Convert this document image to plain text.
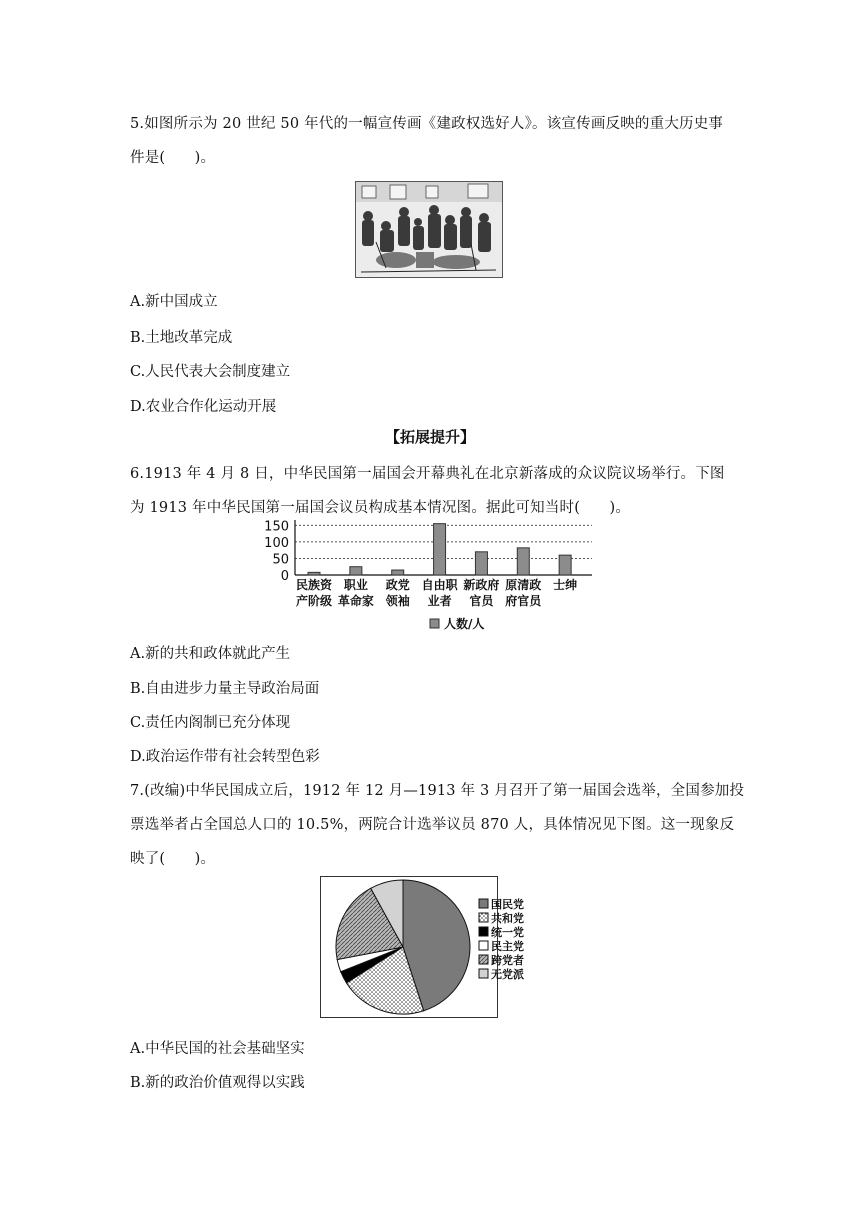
5.如图所示为 20 世纪 50 年代的一幅宣传画《建政权选好人》。该宣传画反映的重大历史事
件是(　　)。
A.新中国成立
B.土地改革完成
C.人民代表大会制度建立
D.农业合作化运动开展
【拓展提升】
6.1913 年 4 月 8 日，中华民国第一届国会开幕典礼在北京新落成的众议院议场举行。下图
为 1913 年中华民国第一届国会议员构成基本情况图。据此可知当时(　　)。
0
50
100
150
民族资
产阶级
职业
革命家
政党
领袖
自由职
业者
新政府
官员
原清政
府官员
士绅
人数/人
A.新的共和政体就此产生
B.自由进步力量主导政治局面
C.责任内阁制已充分体现
D.政治运作带有社会转型色彩
7.(改编)中华民国成立后，1912 年 12 月—1913 年 3 月召开了第一届国会选举，全国参加投
票选举者占全国总人口的 10.5%，两院合计选举议员 870 人，具体情况见下图。这一现象反
映了(　　)。
国民党
共和党
统一党
民主党
跨党者
无党派
A.中华民国的社会基础坚实
B.新的政治价值观得以实践
